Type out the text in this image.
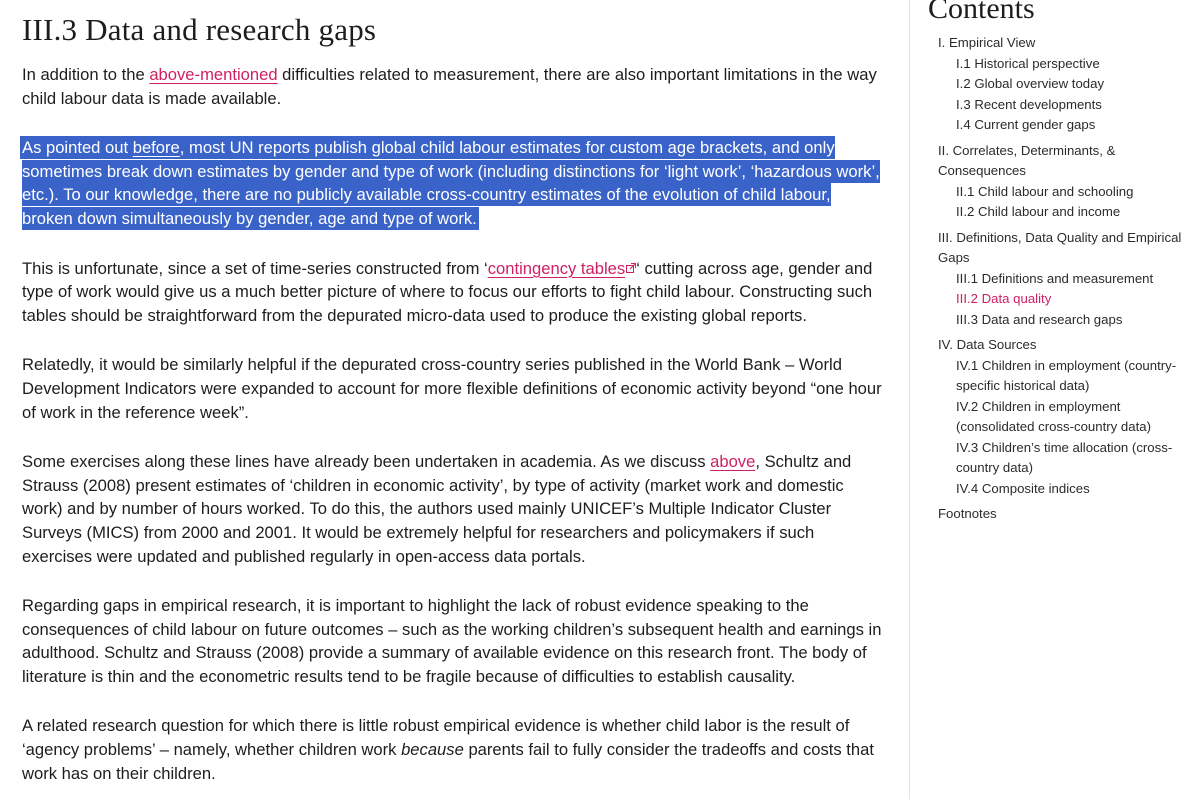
III.3 Data and research gaps

In addition to the above-mentioned difficulties related to measurement, there are also important limitations in the way child labour data is made available.

As pointed out before, most UN reports publish global child labour estimates for custom age brackets, and only sometimes break down estimates by gender and type of work (including distinctions for ‘light work’, ‘hazardous work’, etc.). To our knowledge, there are no publicly available cross-country estimates of the evolution of child labour, broken down simultaneously by gender, age and type of work.

This is unfortunate, since a set of time-series constructed from ‘contingency tables ‘ cutting across age, gender and type of work would give us a much better picture of where to focus our efforts to fight child labour. Constructing such tables should be straightforward from the depurated micro-data used to produce the existing global reports.

Relatedly, it would be similarly helpful if the depurated cross-country series published in the World Bank – World Development Indicators were expanded to account for more flexible definitions of economic activity beyond “one hour of work in the reference week”.

Some exercises along these lines have already been undertaken in academia. As we discuss above, Schultz and Strauss (2008) present estimates of ‘children in economic activity’, by type of activity (market work and domestic work) and by number of hours worked. To do this, the authors used mainly UNICEF’s Multiple Indicator Cluster Surveys (MICS) from 2000 and 2001. It would be extremely helpful for researchers and policymakers if such exercises were updated and published regularly in open-access data portals.

Regarding gaps in empirical research, it is important to highlight the lack of robust evidence speaking to the consequences of child labour on future outcomes – such as the working children’s subsequent health and earnings in adulthood. Schultz and Strauss (2008) provide a summary of available evidence on this research front. The body of literature is thin and the econometric results tend to be fragile because of difficulties to establish causality.

A related research question for which there is little robust empirical evidence is whether child labor is the result of ‘agency problems’ – namely, whether children work because parents fail to fully consider the tradeoffs and costs that work has on their children.

Contents
I. Empirical View
I.1 Historical perspective
I.2 Global overview today
I.3 Recent developments
I.4 Current gender gaps
II. Correlates, Determinants, & Consequences
II.1 Child labour and schooling
II.2 Child labour and income
III. Definitions, Data Quality and Empirical Gaps
III.1 Definitions and measurement
III.2 Data quality
III.3 Data and research gaps
IV. Data Sources
IV.1 Children in employment (country-specific historical data)
IV.2 Children in employment (consolidated cross-country data)
IV.3 Children’s time allocation (cross-country data)
IV.4 Composite indices
Footnotes
